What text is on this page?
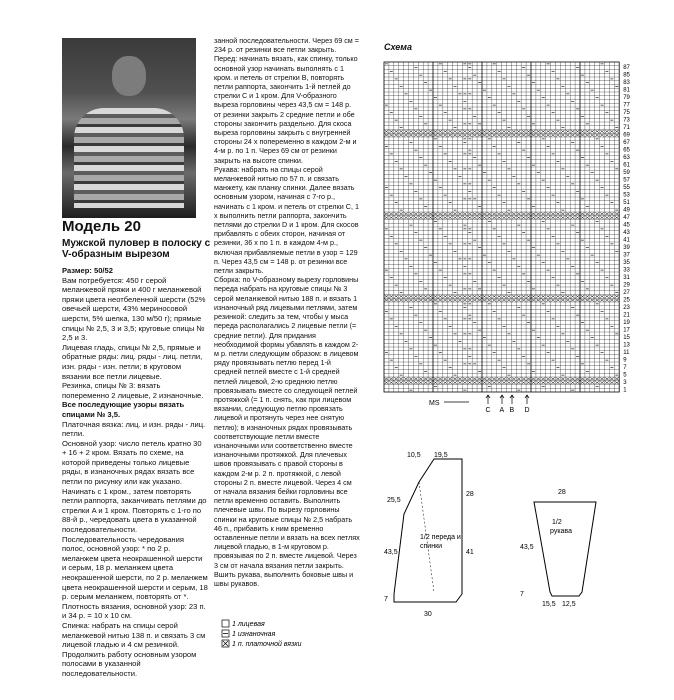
Модель 20
Мужской пуловер в полоску с V-образным вырезом

Размер: 50/52

Вам потребуется: 450 г серой меланжевой пряжи и 400 г меланжевой пряжи цвета неотбеленной шерсти (52% овечьей шерсти, 43% мериносовой шерсти, 5% шелка, 130 м/50 г); прямые спицы № 2,5, 3 и 3,5; круговые спицы № 2,5 и 3.

Лицевая гладь, спицы № 2,5, прямые и обратные ряды: лиц. ряды - лиц. петли, изн. ряды - изн. петли; в круговом вязании все петли лицевые.

Резинка, спицы № 3: вязать попеременно 2 лицевые, 2 изнаночные.

Все последующие узоры вязать спицами № 3,5.

Платочная вязка: лиц. и изн. ряды - лиц. петли.

Основной узор: число петель кратно 30 + 16 + 2 кром. Вязать по схеме, на которой приведены только лицевые ряды, в изнаночных рядах вязать все петли по рисунку или как указано. Начинать с 1 кром., затем повторять петли раппорта, заканчивать петлями до стрелки A и 1 кром. Повторять с 1-го по 88-й р., чередовать цвета в указанной последовательности.

Последовательность чередования полос, основной узор: * по 2 р. меланжем цвета неокрашенной шерсти и серым, 18 р. меланжем цвета неокрашенной шерсти, по 2 р. меланжем цвета неокрашенной шерсти и серым, 18 р. серым меланжем, повторять от *.

Плотность вязания, основной узор: 23 п. и 34 р. = 10 х 10 см.

Спинка: набрать на спицы серой меланжевой нитью 138 п. и связать 3 см лицевой гладью и 4 см резинкой. Продолжить работу основным узором полосами в указанной последовательности.

занной последовательности. Через 69 см = 234 р. от резинки все петли закрыть.

Перед: начинать вязать, как спинку, только основной узор начинать выполнять с 1 кром. и петель от стрелки B, повторять петли раппорта, закончить 1-й петлей до стрелки C и 1 кром. Для V-образного выреза горловины через 43,5 см = 148 р. от резинки закрыть 2 средние петли и обе стороны закончить раздельно. Для скоса выреза горловины закрыть с внутренней стороны 24 х попеременно в каждом 2-м и 4-м р. по 1 п. Через 69 см от резинки закрыть на высоте спинки.

Рукава: набрать на спицы серой меланжевой нитью по 57 п. и связать манжету, как планку спинки. Далее вязать основным узором, начиная с 7-го р., начинать с 1 кром. и петель от стрелки C, 1 х выполнить петли раппорта, закончить петлями до стрелки D и 1 кром. Для скосов прибавлять с обеих сторон, начиная от резинки, 36 х по 1 п. в каждом 4-м р., включая прибавляемые петли в узор = 129 п. Через 43,5 см = 148 р. от резинки все петли закрыть.

Сборка: по V-образному вырезу горловины переда набрать на круговые спицы № 3 серой меланжевой нитью 188 п. и вязать 1 изнаночный ряд лицевыми петлями, затем резинкой: следить за тем, чтобы у мыса переда располагались 2 лицевые петли (= средние петли). Для придания необходимой формы убавлять в каждом 2-м р. петли следующим образом: в лицевом ряду провязывать петлю перед 1-й средней петлей вместе с 1-й средней петлей лицевой, 2-ю среднюю петлю провязывать вместе со следующей петлей протяжкой (= 1 п. снять, как при лицевом вязании, следующую петлю провязать лицевой и протянуть через нее снятую петлю); в изнаночных рядах провязывать соответствующие петли вместе изнаночными или соответственно вместе изнаночными протяжкой. Для плечевых швов провязывать с правой стороны в каждом 2-м р. 2 п. протяжкой, с левой стороны 2 п. вместе лицевой. Через 4 см от начала вязания бейки горловины все петли временно оставить. Выполнить плечевые швы. По вырезу горловины спинки на круговые спицы № 2,5 набрать 46 п., прибавить к ним временно оставленные петли и вязать на всех петлях лицевой гладью, в 1-м круговом р. провязывая по 2 п. вместе лицевой. Через 3 см от начала вязания петли закрыть. Вшить рукава, выполнить боковые швы и швы рукавов.

Схема
87
85
83
81
79
77
75
73
71
69
67
65
63
61
59
57
55
53
51
49
47
45
43
41
39
37
35
33
31
29
27
25
23
21
19
17
15
13
11
9
7
5
3
1
MS
C A B D
10,5 19,5
25,5
43,5
7
28
41
30
1/2 переда и спинки
28
43,5
7
15,5 12,5
1/2 рукава
1 лицевая
1 изнаночная
1 п. платочной вязки
